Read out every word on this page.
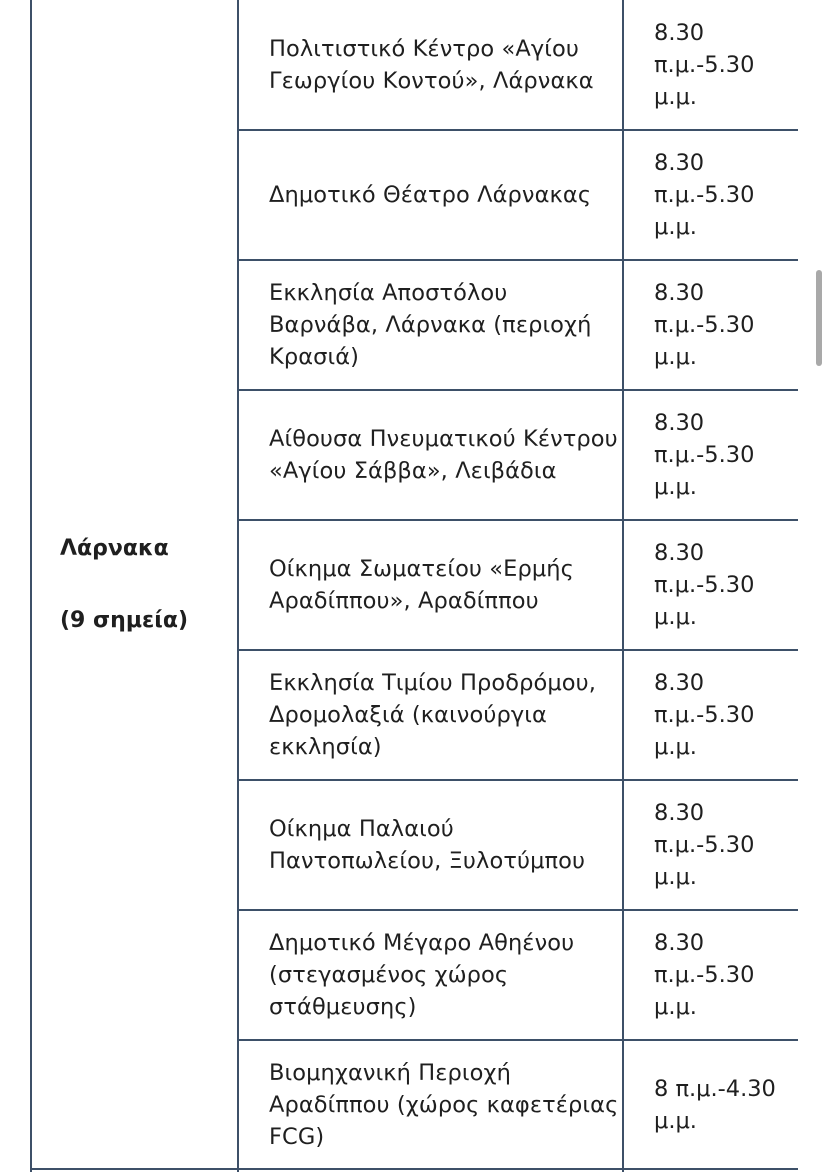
Λάρνακα
(9 σημεία)
Πολιτιστικό Κέντρο «Αγίου Γεωργίου Κοντού», Λάρνακα
8.30 π.μ.-5.30 μ.μ.
Δημοτικό Θέατρο Λάρνακας
8.30 π.μ.-5.30 μ.μ.
Εκκλησία Αποστόλου Βαρνάβα, Λάρνακα (περιοχή Κρασιά)
8.30 π.μ.-5.30 μ.μ.
Αίθουσα Πνευματικού Κέντρου «Αγίου Σάββα», Λειβάδια
8.30 π.μ.-5.30 μ.μ.
Οίκημα Σωματείου «Ερμής Αραδίππου», Αραδίππου
8.30 π.μ.-5.30 μ.μ.
Εκκλησία Τιμίου Προδρόμου, Δρομολαξιά (καινούργια εκκλησία)
8.30 π.μ.-5.30 μ.μ.
Οίκημα Παλαιού Παντοπωλείου, Ξυλοτύμπου
8.30 π.μ.-5.30 μ.μ.
Δημοτικό Μέγαρο Αθηένου (στεγασμένος χώρος στάθμευσης)
8.30 π.μ.-5.30 μ.μ.
Βιομηχανική Περιοχή Αραδίππου (χώρος καφετέριας FCG)
8 π.μ.-4.30 μ.μ.
